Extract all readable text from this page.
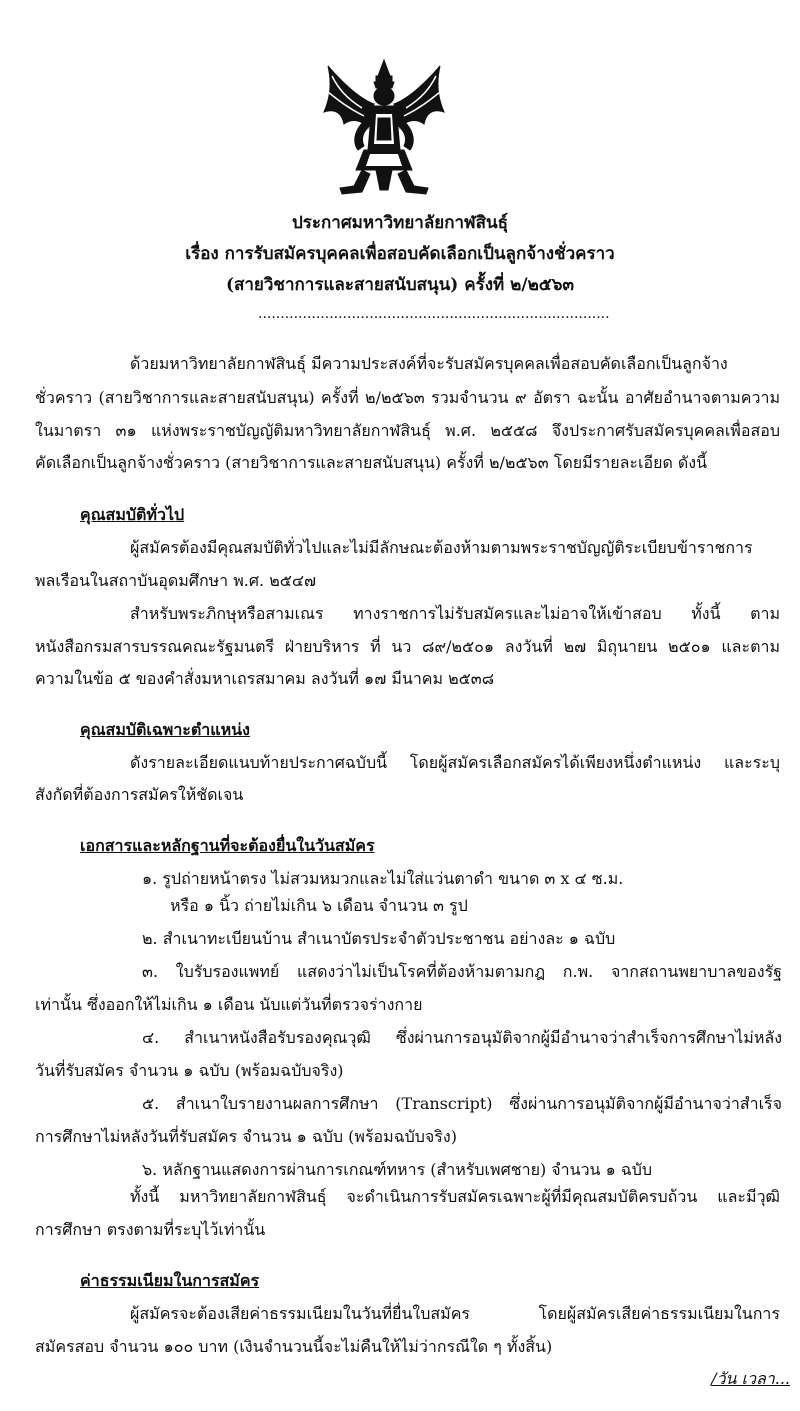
ประกาศมหาวิทยาลัยกาฬสินธุ์
เรื่อง การรับสมัครบุคคลเพื่อสอบคัดเลือกเป็นลูกจ้างชั่วคราว
(สายวิชาการและสายสนับสนุน) ครั้งที่ ๒/๒๕๖๓
...............................................................................
ด้วยมหาวิทยาลัยกาฬสินธุ์ มีความประสงค์ที่จะรับสมัครบุคคลเพื่อสอบคัดเลือกเป็นลูกจ้าง
ชั่วคราว (สายวิชาการและสายสนับสนุน) ครั้งที่ ๒/๒๕๖๓ รวมจำนวน ๙ อัตรา ฉะนั้น อาศัยอำนาจตามความ
ในมาตรา ๓๑ แห่งพระราชบัญญัติมหาวิทยาลัยกาฬสินธุ์ พ.ศ. ๒๕๕๘ จึงประกาศรับสมัครบุคคลเพื่อสอบ
คัดเลือกเป็นลูกจ้างชั่วคราว (สายวิชาการและสายสนับสนุน) ครั้งที่ ๒/๒๕๖๓ โดยมีรายละเอียด ดังนี้
คุณสมบัติทั่วไป
ผู้สมัครต้องมีคุณสมบัติทั่วไปและไม่มีลักษณะต้องห้ามตามพระราชบัญญัติระเบียบข้าราชการ
พลเรือนในสถาบันอุดมศึกษา พ.ศ. ๒๕๔๗
สำหรับพระภิกษุหรือสามเณร ทางราชการไม่รับสมัครและไม่อาจให้เข้าสอบ ทั้งนี้ ตาม
หนังสือกรมสารบรรณคณะรัฐมนตรี ฝ่ายบริหาร ที่ นว ๘๙/๒๕๐๑ ลงวันที่ ๒๗ มิถุนายน ๒๕๐๑ และตาม
ความในข้อ ๕ ของคำสั่งมหาเถรสมาคม ลงวันที่ ๑๗ มีนาคม ๒๕๓๘
คุณสมบัติเฉพาะตำแหน่ง
ดังรายละเอียดแนบท้ายประกาศฉบับนี้ โดยผู้สมัครเลือกสมัครได้เพียงหนึ่งตำแหน่ง และระบุ
สังกัดที่ต้องการสมัครให้ชัดเจน
เอกสารและหลักฐานที่จะต้องยื่นในวันสมัคร
๑. รูปถ่ายหน้าตรง ไม่สวมหมวกและไม่ใส่แว่นตาดำ ขนาด ๓ x ๔ ซ.ม.
หรือ ๑ นิ้ว ถ่ายไม่เกิน ๖ เดือน จำนวน ๓ รูป
๒. สำเนาทะเบียนบ้าน สำเนาบัตรประจำตัวประชาชน อย่างละ ๑ ฉบับ
๓. ใบรับรองแพทย์ แสดงว่าไม่เป็นโรคที่ต้องห้ามตามกฎ ก.พ. จากสถานพยาบาลของรัฐ
เท่านั้น ซึ่งออกให้ไม่เกิน ๑ เดือน นับแต่วันที่ตรวจร่างกาย
๔. สำเนาหนังสือรับรองคุณวุฒิ ซึ่งผ่านการอนุมัติจากผู้มีอำนาจว่าสำเร็จการศึกษาไม่หลัง
วันที่รับสมัคร จำนวน ๑ ฉบับ (พร้อมฉบับจริง)
๕. สำเนาใบรายงานผลการศึกษา (Transcript) ซึ่งผ่านการอนุมัติจากผู้มีอำนาจว่าสำเร็จ
การศึกษาไม่หลังวันที่รับสมัคร จำนวน ๑ ฉบับ (พร้อมฉบับจริง)
๖. หลักฐานแสดงการผ่านการเกณฑ์ทหาร (สำหรับเพศชาย) จำนวน ๑ ฉบับ
ทั้งนี้ มหาวิทยาลัยกาฬสินธุ์ จะดำเนินการรับสมัครเฉพาะผู้ที่มีคุณสมบัติครบถ้วน และมีวุฒิ
การศึกษา ตรงตามที่ระบุไว้เท่านั้น
ค่าธรรมเนียมในการสมัคร
ผู้สมัครจะต้องเสียค่าธรรมเนียมในวันที่ยื่นใบสมัคร โดยผู้สมัครเสียค่าธรรมเนียมในการ
สมัครสอบ จำนวน ๑๐๐ บาท (เงินจำนวนนี้จะไม่คืนให้ไม่ว่ากรณีใด ๆ ทั้งสิ้น)
/วัน เวลา...
